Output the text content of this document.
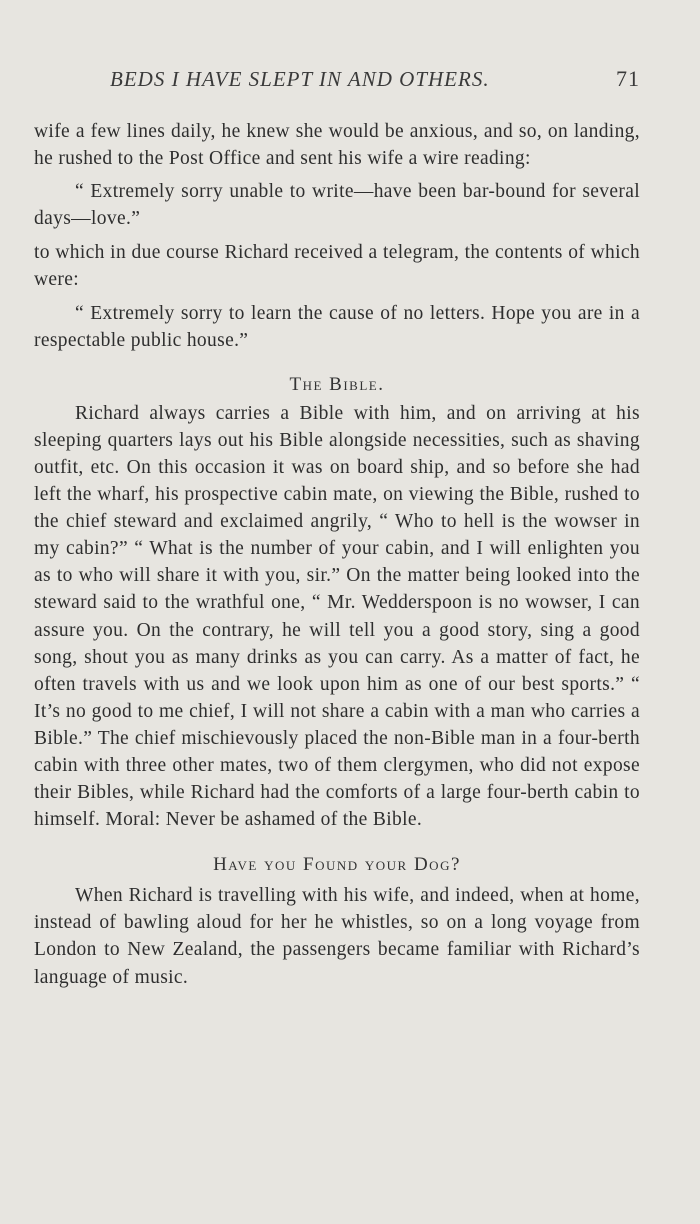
BEDS I HAVE SLEPT IN AND OTHERS.	71

wife a few lines daily, he knew she would be anxious, and so, on landing, he rushed to the Post Office and sent his wife a wire reading:

“ Extremely sorry unable to write—have been bar-bound for several days—love.”

to which in due course Richard received a telegram, the contents of which were:

“ Extremely sorry to learn the cause of no letters. Hope you are in a respectable public house.”

The Bible.

Richard always carries a Bible with him, and on arriving at his sleeping quarters lays out his Bible alongside necessities, such as shaving outfit, etc. On this occasion it was on board ship, and so before she had left the wharf, his prospective cabin mate, on viewing the Bible, rushed to the chief steward and exclaimed angrily, “ Who to hell is the wowser in my cabin?” “ What is the number of your cabin, and I will enlighten you as to who will share it with you, sir.” On the matter being looked into the steward said to the wrathful one, “ Mr. Wedderspoon is no wowser, I can assure you. On the contrary, he will tell you a good story, sing a good song, shout you as many drinks as you can carry. As a matter of fact, he often travels with us and we look upon him as one of our best sports.” “ It’s no good to me chief, I will not share a cabin with a man who carries a Bible.” The chief mischievously placed the non-Bible man in a four-berth cabin with three other mates, two of them clergymen, who did not expose their Bibles, while Richard had the comforts of a large four-berth cabin to himself. Moral: Never be ashamed of the Bible.

Have you Found your Dog?

When Richard is travelling with his wife, and indeed, when at home, instead of bawling aloud for her he whistles, so on a long voyage from London to New Zealand, the passengers became familiar with Richard’s language of music.
